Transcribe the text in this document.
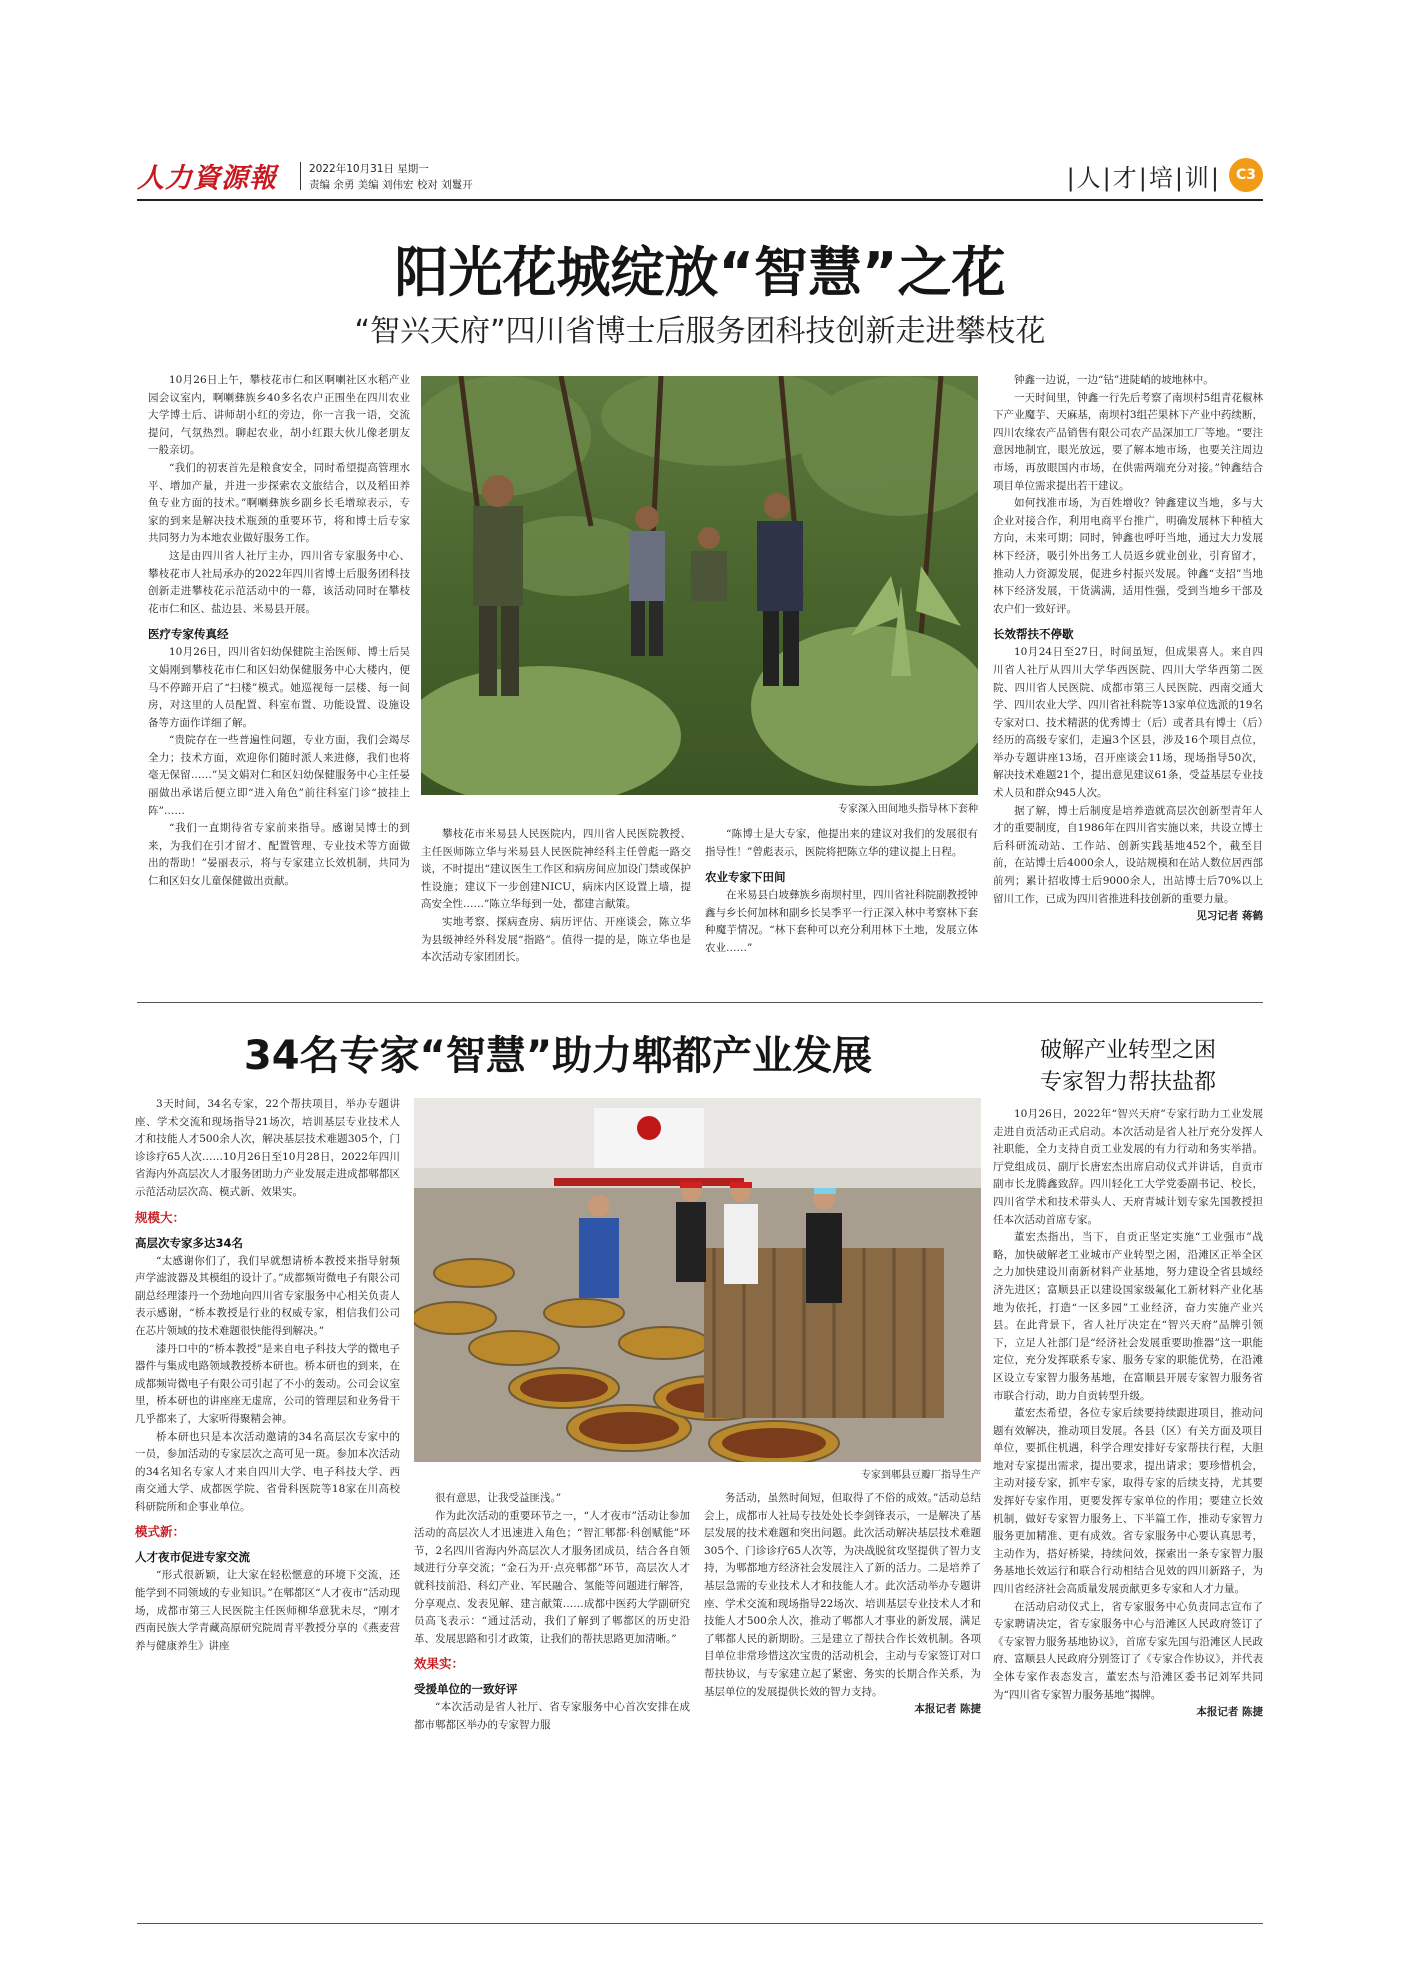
人力資源報	2022年10月31日 星期一
责编 余勇 美编 刘伟宏 校对 刘鬘开	|人|才|培|训|	C3
阳光花城绽放“智慧”之花
“智兴天府”四川省博士后服务团科技创新走进攀枝花

10月26日上午，攀枝花市仁和区啊喇社区水稻产业园会议室内，啊喇彝族乡40多名农户正围坐在四川农业大学博士后、讲师胡小红的旁边，你一言我一语，交流提问，气氛热烈。聊起农业，胡小红跟大伙儿像老朋友一般亲切。

“我们的初衷首先是粮食安全，同时希望提高管理水平、增加产量，并进一步探索农文旅结合，以及稻田养鱼专业方面的技术。”啊喇彝族乡副乡长毛增琼表示，专家的到来是解决技术瓶颈的重要环节，将和博士后专家共同努力为本地农业做好服务工作。

这是由四川省人社厅主办，四川省专家服务中心、攀枝花市人社局承办的2022年四川省博士后服务团科技创新走进攀枝花示范活动中的一幕，该活动同时在攀枝花市仁和区、盐边县、米易县开展。

医疗专家传真经

10月26日，四川省妇幼保健院主治医师、博士后吴文娟刚到攀枝花市仁和区妇幼保健服务中心大楼内，便马不停蹄开启了“扫楼”模式。她巡视每一层楼、每一间房，对这里的人员配置、科室布置、功能设置、设施设备等方面作详细了解。

“贵院存在一些普遍性问题，专业方面，我们会竭尽全力；技术方面，欢迎你们随时派人来进修，我们也将毫无保留……”吴文娟对仁和区妇幼保健服务中心主任晏丽做出承诺后便立即“进入角色”前往科室门诊“披挂上阵”……

“我们一直期待省专家前来指导。感谢吴博士的到来，为我们在引才留才、配置管理、专业技术等方面做出的帮助！”晏丽表示，将与专家建立长效机制，共同为仁和区妇女儿童保健做出贡献。

专家深入田间地头指导林下套种

攀枝花市米易县人民医院内，四川省人民医院教授、主任医师陈立华与米易县人民医院神经科主任曾彪一路交谈，不时提出“建议医生工作区和病房间应加设门禁或保护性设施；建议下一步创建NICU，病床内区设置上墙，提高安全性……”陈立华每到一处，都建言献策。

实地考察、探病查房、病历评估、开座谈会，陈立华为县级神经外科发展“指路”。值得一提的是，陈立华也是本次活动专家团团长。

“陈博士是大专家，他提出来的建议对我们的发展很有指导性！”曾彪表示，医院将把陈立华的建议提上日程。

农业专家下田间

在米易县白坡彝族乡南坝村里，四川省社科院副教授钟鑫与乡长何加林和副乡长吴季平一行正深入林中考察林下套种魔芋情况。“林下套种可以充分利用林下土地，发展立体农业……”

钟鑫一边说，一边“钻”进陡峭的坡地林中。

一天时间里，钟鑫一行先后考察了南坝村5组青花椒林下产业魔芋、天麻基，南坝村3组芒果林下产业中药续断，四川农缘农产品销售有限公司农产品深加工厂等地。“要注意因地制宜，眼光放远，要了解本地市场，也要关注周边市场，再放眼国内市场，在供需两端充分对接。”钟鑫结合项目单位需求提出若干建议。

如何找准市场，为百姓增收？钟鑫建议当地，多与大企业对接合作，利用电商平台推广，明确发展林下种植大方向，未来可期；同时，钟鑫也呼吁当地，通过大力发展林下经济，吸引外出务工人员返乡就业创业，引育留才，推动人力资源发展，促进乡村振兴发展。钟鑫“支招”当地林下经济发展，干货满满，适用性强，受到当地乡干部及农户们一致好评。

长效帮扶不停歇

10月24日至27日，时间虽短，但成果喜人。来自四川省人社厅从四川大学华西医院、四川大学华西第二医院、四川省人民医院、成都市第三人民医院、西南交通大学、四川农业大学、四川省社科院等13家单位选派的19名专家对口、技术精湛的优秀博士（后）或者具有博士（后）经历的高级专家们，走遍3个区县，涉及16个项目点位，举办专题讲座13场，召开座谈会11场，现场指导50次，解决技术难题21个，提出意见建议61条，受益基层专业技术人员和群众945人次。

据了解，博士后制度是培养造就高层次创新型青年人才的重要制度，自1986年在四川省实施以来，共设立博士后科研流动站、工作站、创新实践基地452个，截至目前，在站博士后4000余人，设站规模和在站人数位居西部前列；累计招收博士后9000余人，出站博士后70%以上留川工作，已成为四川省推进科技创新的重要力量。

见习记者 蒋鹤

34名专家“智慧”助力郫都产业发展

3天时间，34名专家，22个帮扶项目，举办专题讲座、学术交流和现场指导21场次，培训基层专业技术人才和技能人才500余人次，解决基层技术难题305个，门诊诊疗65人次……10月26日至10月28日，2022年四川省海内外高层次人才服务团助力产业发展走进成都郫都区示范活动层次高、模式新、效果实。

规模大：

高层次专家多达34名

“太感谢你们了，我们早就想请桥本教授来指导射频声学滤波器及其模组的设计了。”成都频岢微电子有限公司副总经理漆丹一个劲地向四川省专家服务中心相关负责人表示感谢，“桥本教授是行业的权威专家，相信我们公司在芯片领域的技术难题很快能得到解决。”

漆丹口中的“桥本教授”是来自电子科技大学的微电子器件与集成电路领域教授桥本研也。桥本研也的到来，在成都频岢微电子有限公司引起了不小的轰动。公司会议室里，桥本研也的讲座座无虚席，公司的管理层和业务骨干几乎都来了，大家听得聚精会神。

桥本研也只是本次活动邀请的34名高层次专家中的一员，参加活动的专家层次之高可见一斑。参加本次活动的34名知名专家人才来自四川大学、电子科技大学、西南交通大学、成都医学院、省骨科医院等18家在川高校科研院所和企事业单位。

模式新：

人才夜市促进专家交流

“形式很新颖，让大家在轻松惬意的环境下交流，还能学到不同领域的专业知识。”在郫都区“人才夜市”活动现场，成都市第三人民医院主任医师柳华意犹未尽，“刚才西南民族大学青藏高原研究院周青平教授分享的《燕麦营养与健康养生》讲座

专家到郫县豆瓣厂指导生产

很有意思，让我受益匪浅。”

作为此次活动的重要环节之一，“人才夜市”活动让参加活动的高层次人才迅速进入角色；“智汇郫都·科创赋能”环节，2名四川省海内外高层次人才服务团成员，结合各自领域进行分享交流；“金石为开·点亮郫都”环节，高层次人才就科技前沿、科幻产业、军民融合、氢能等问题进行解答，分享观点、发表见解、建言献策……成都中医药大学副研究员高飞表示：“通过活动，我们了解到了郫都区的历史沿革、发展思路和引才政策，让我们的帮扶思路更加清晰。”

效果实：

受援单位的一致好评

“本次活动是省人社厅、省专家服务中心首次安排在成都市郫都区举办的专家智力服

务活动，虽然时间短，但取得了不俗的成效。”活动总结会上，成都市人社局专技处处长李剑锋表示，一是解决了基层发展的技术难题和突出问题。此次活动解决基层技术难题305个、门诊诊疗65人次等，为决战脱贫攻坚提供了智力支持，为郫都地方经济社会发展注入了新的活力。二是培养了基层急需的专业技术人才和技能人才。此次活动举办专题讲座、学术交流和现场指导22场次、培训基层专业技术人才和技能人才500余人次，推动了郫都人才事业的新发展，满足了郫都人民的新期盼。三是建立了帮扶合作长效机制。各项目单位非常珍惜这次宝贵的活动机会，主动与专家签订对口帮扶协议，与专家建立起了紧密、务实的长期合作关系，为基层单位的发展提供长效的智力支持。

本报记者 陈捷

破解产业转型之困
专家智力帮扶盐都

10月26日，2022年“智兴天府”专家行助力工业发展走进自贡活动正式启动。本次活动是省人社厅充分发挥人社职能，全力支持自贡工业发展的有力行动和务实举措。厅党组成员、副厅长唐宏杰出席启动仪式并讲话，自贡市副市长龙腾鑫致辞。四川轻化工大学党委副书记、校长，四川省学术和技术带头人、天府青城计划专家先国教授担任本次活动首席专家。

董宏杰指出，当下，自贡正坚定实施“工业强市”战略，加快破解老工业城市产业转型之困，沿滩区正举全区之力加快建设川南新材料产业基地，努力建设全省县域经济先进区；富顺县正以建设国家级氟化工新材料产业化基地为依托，打造“一区多园”工业经济，奋力实施产业兴县。在此背景下，省人社厅决定在“智兴天府”品牌引领下，立足人社部门是“经济社会发展重要助推器”这一职能定位，充分发挥联系专家、服务专家的职能优势，在沿滩区设立专家智力服务基地，在富顺县开展专家智力服务省市联合行动，助力自贡转型升级。

董宏杰希望，各位专家后续要持续跟进项目，推动问题有效解决，推动项目发展。各县（区）有关方面及项目单位，要抓住机遇，科学合理安排好专家帮扶行程，大胆地对专家提出需求，提出要求，提出请求；要珍惜机会，主动对接专家，抓牢专家，取得专家的后续支持，尤其要发挥好专家作用，更要发挥专家单位的作用；要建立长效机制，做好专家智力服务上、下半篇工作，推动专家智力服务更加精准、更有成效。省专家服务中心要认真思考，主动作为，搭好桥梁，持续问效，探索出一条专家智力服务基地长效运行和联合行动相结合见效的四川新路子，为四川省经济社会高质量发展贡献更多专家和人才力量。

在活动启动仪式上，省专家服务中心负责同志宣布了专家聘请决定，省专家服务中心与沿滩区人民政府签订了《专家智力服务基地协议》，首席专家先国与沿滩区人民政府、富顺县人民政府分别签订了《专家合作协议》，并代表全体专家作表态发言，董宏杰与沿滩区委书记刘军共同为“四川省专家智力服务基地”揭牌。

本报记者 陈捷
